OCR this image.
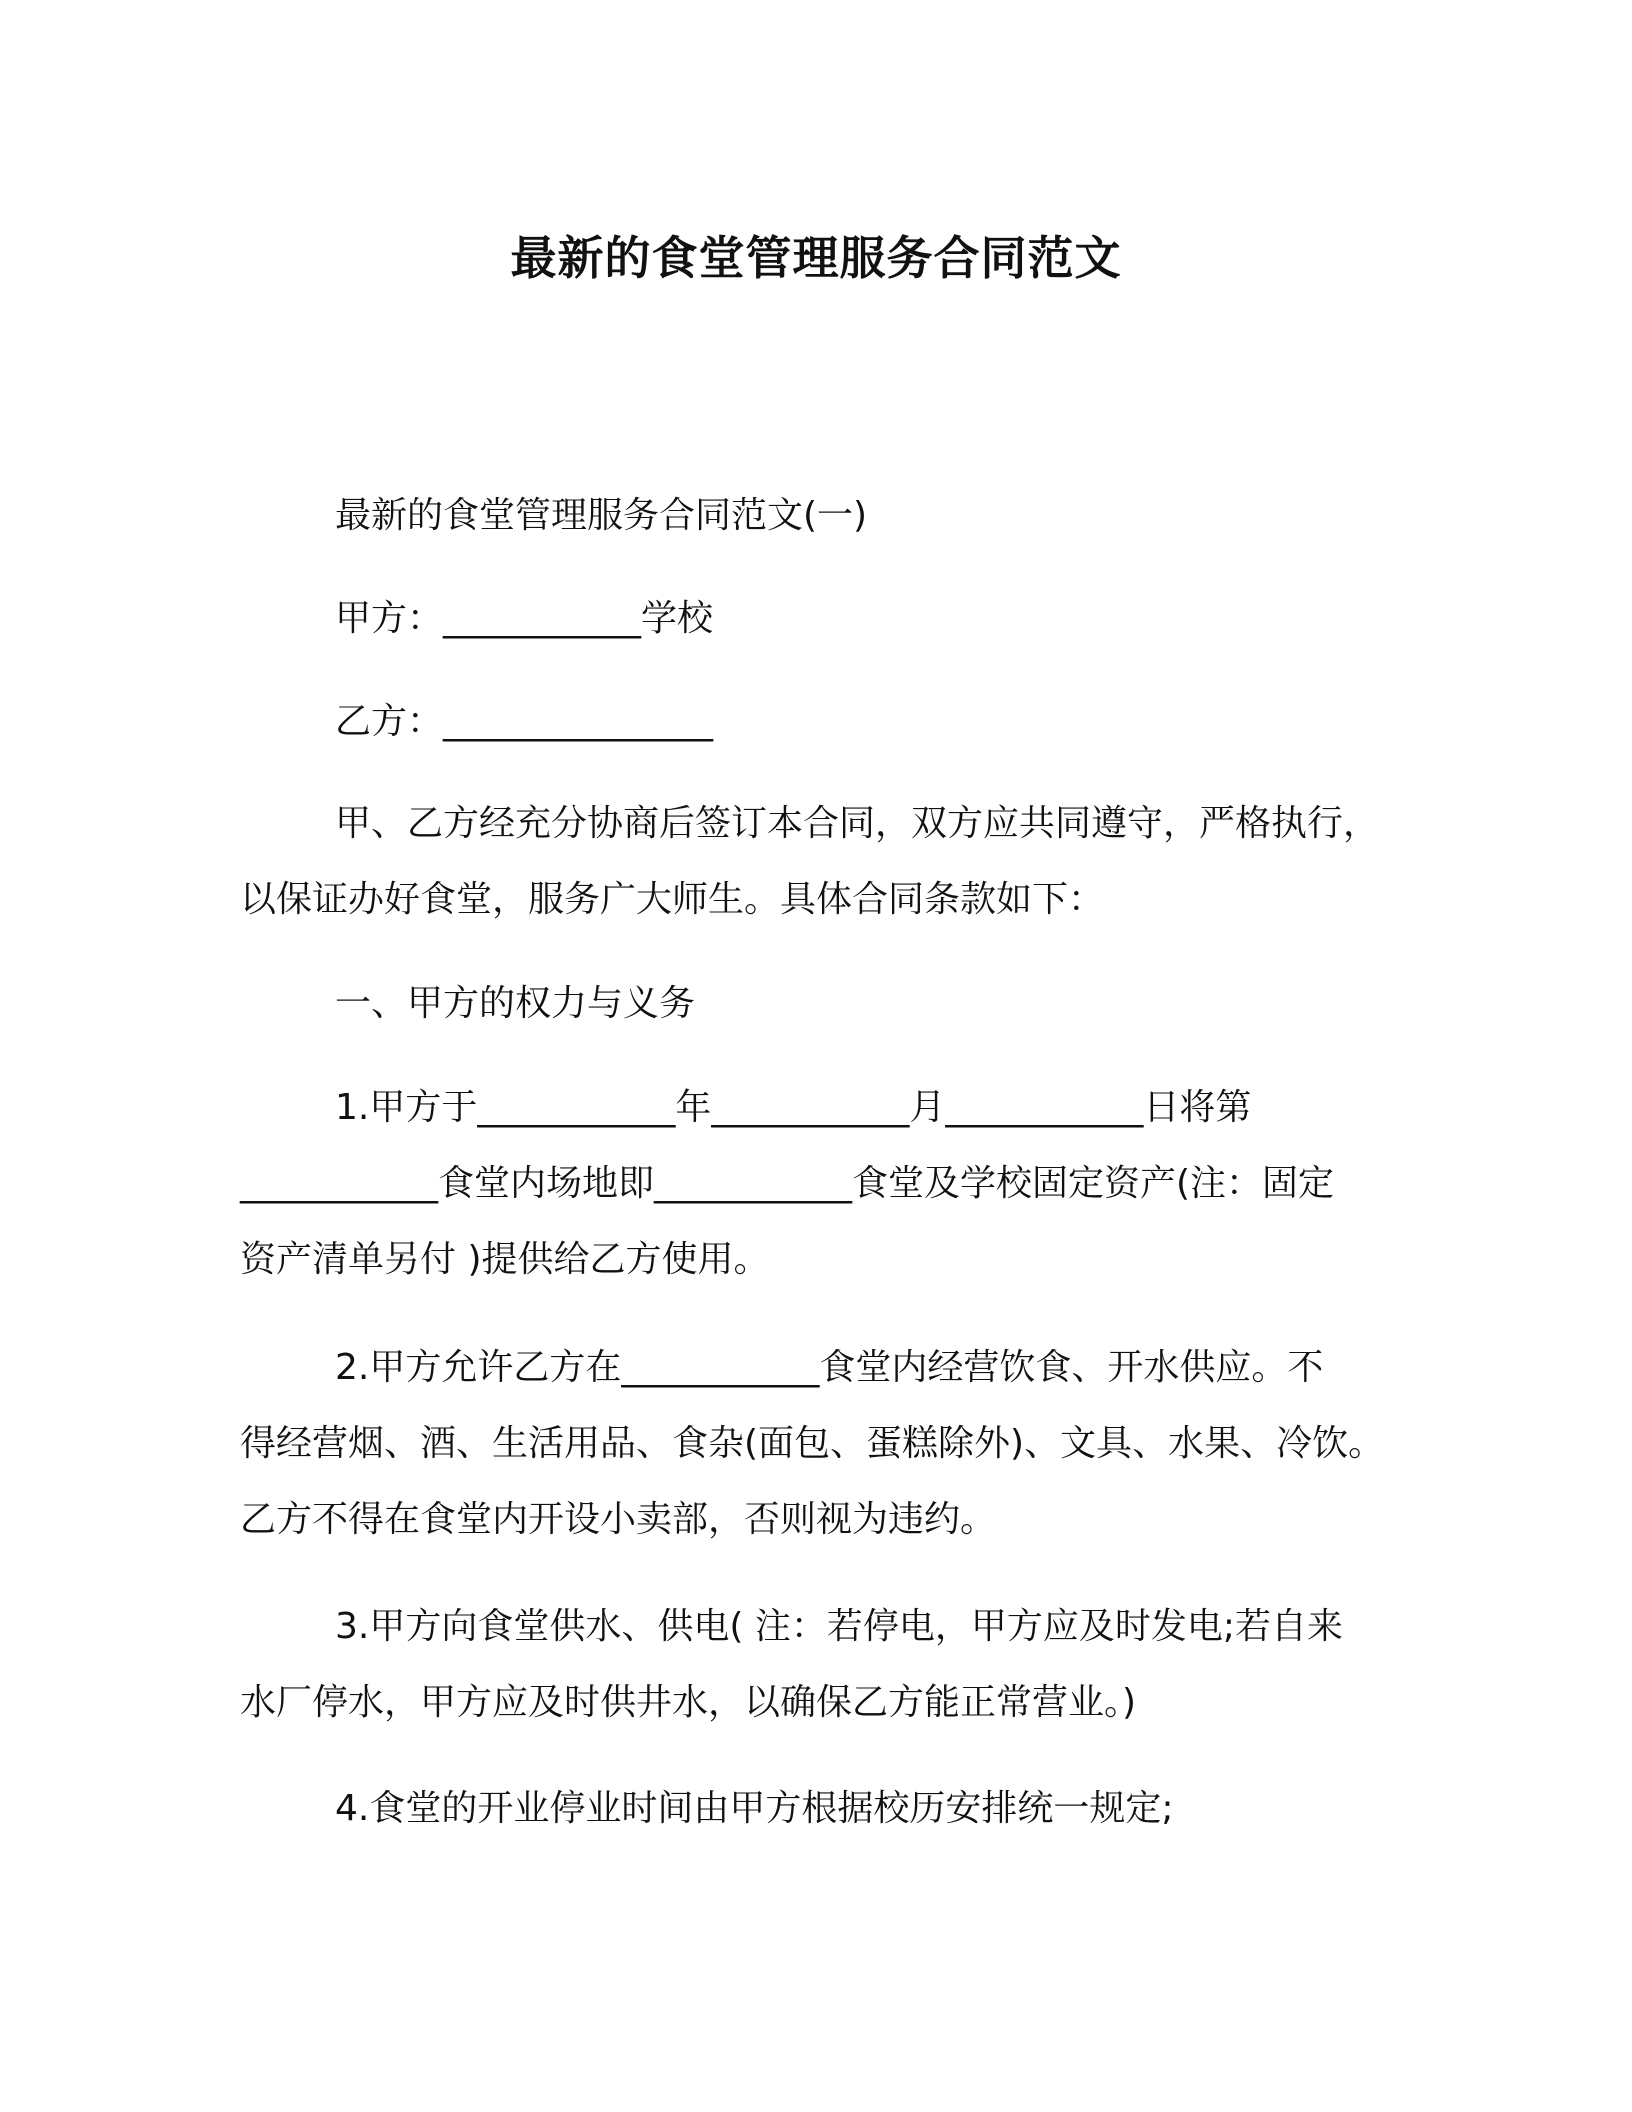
最新的食堂管理服务合同范文

最新的食堂管理服务合同范文(一)

甲方：___________学校

乙方：_______________

甲、乙方经充分协商后签订本合同，双方应共同遵守，严格执行，
以保证办好食堂，服务广大师生。具体合同条款如下：

一、甲方的权力与义务

1.甲方于___________年___________月___________日将第
___________食堂内场地即___________食堂及学校固定资产(注：固定
资产清单另付 )提供给乙方使用。
2.甲方允许乙方在___________食堂内经营饮食、开水供应。不
得经营烟、酒、生活用品、食杂(面包、蛋糕除外)、文具、水果、冷饮。
乙方不得在食堂内开设小卖部，否则视为违约。
3.甲方向食堂供水、供电( 注：若停电，甲方应及时发电;若自来
水厂停水，甲方应及时供井水，以确保乙方能正常营业。)
4.食堂的开业停业时间由甲方根据校历安排统一规定;
